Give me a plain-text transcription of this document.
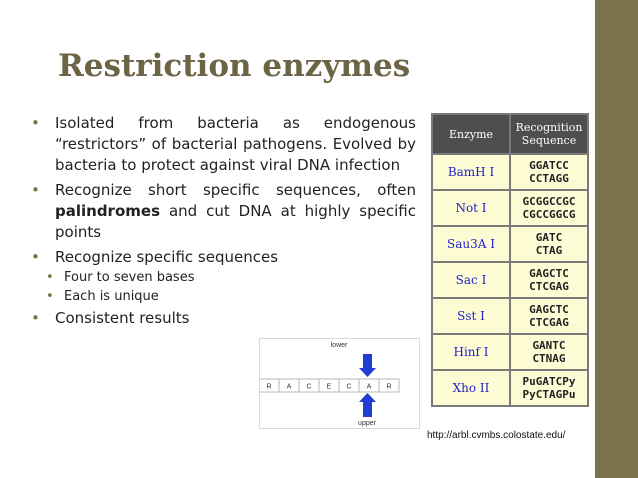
Restriction enzymes
• Isolated from bacteria as endogenous “restrictors” of bacterial pathogens. Evolved by bacteria to protect against viral DNA infection
• Recognize short specific sequences, often palindromes and cut DNA at highly specific points
• Recognize specific sequences
• Four to seven bases
• Each is unique
• Consistent results
lower
R A C E C A R
upper
Enzyme	Recognition Sequence
BamH I	GGATCC
CCTAGG

Not I	GCGGCCGC
CGCCGGCG

Sau3A I	GATC
CTAG

Sac I	GAGCTC
CTCGAG

Sst I	GAGCTC
CTCGAG

Hinf I	GANTC
CTNAG

Xho II	PuGATCPy
PyCTAGPu
http://arbl.cvmbs.colostate.edu/
